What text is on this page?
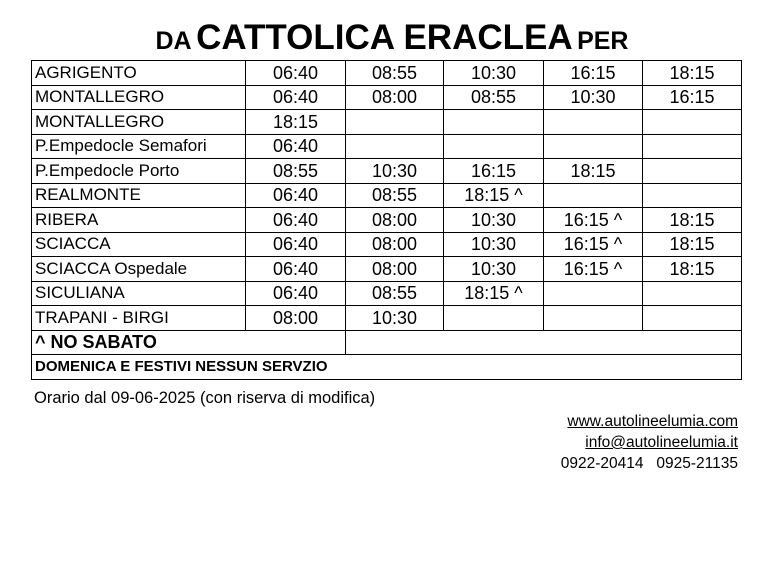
DA CATTOLICA ERACLEA PER
AGRIGENTO	06:40	08:55	10:30	16:15	18:15
MONTALLEGRO	06:40	08:00	08:55	10:30	16:15
MONTALLEGRO	18:15				
P.Empedocle Semafori	06:40				
P.Empedocle Porto	08:55	10:30	16:15	18:15	
REALMONTE	06:40	08:55	18:15 ^		
RIBERA	06:40	08:00	10:30	16:15 ^	18:15
SCIACCA	06:40	08:00	10:30	16:15 ^	18:15
SCIACCA Ospedale	06:40	08:00	10:30	16:15 ^	18:15
SICULIANA	06:40	08:55	18:15 ^		
TRAPANI - BIRGI	08:00	10:30			
^ NO SABATO					
DOMENICA E FESTIVI NESSUN SERVZIO					
Orario dal 09-06-2025 (con riserva di modifica)
www.autolineelumia.com
info@autolineelumia.it
0922-20414   0925-21135
